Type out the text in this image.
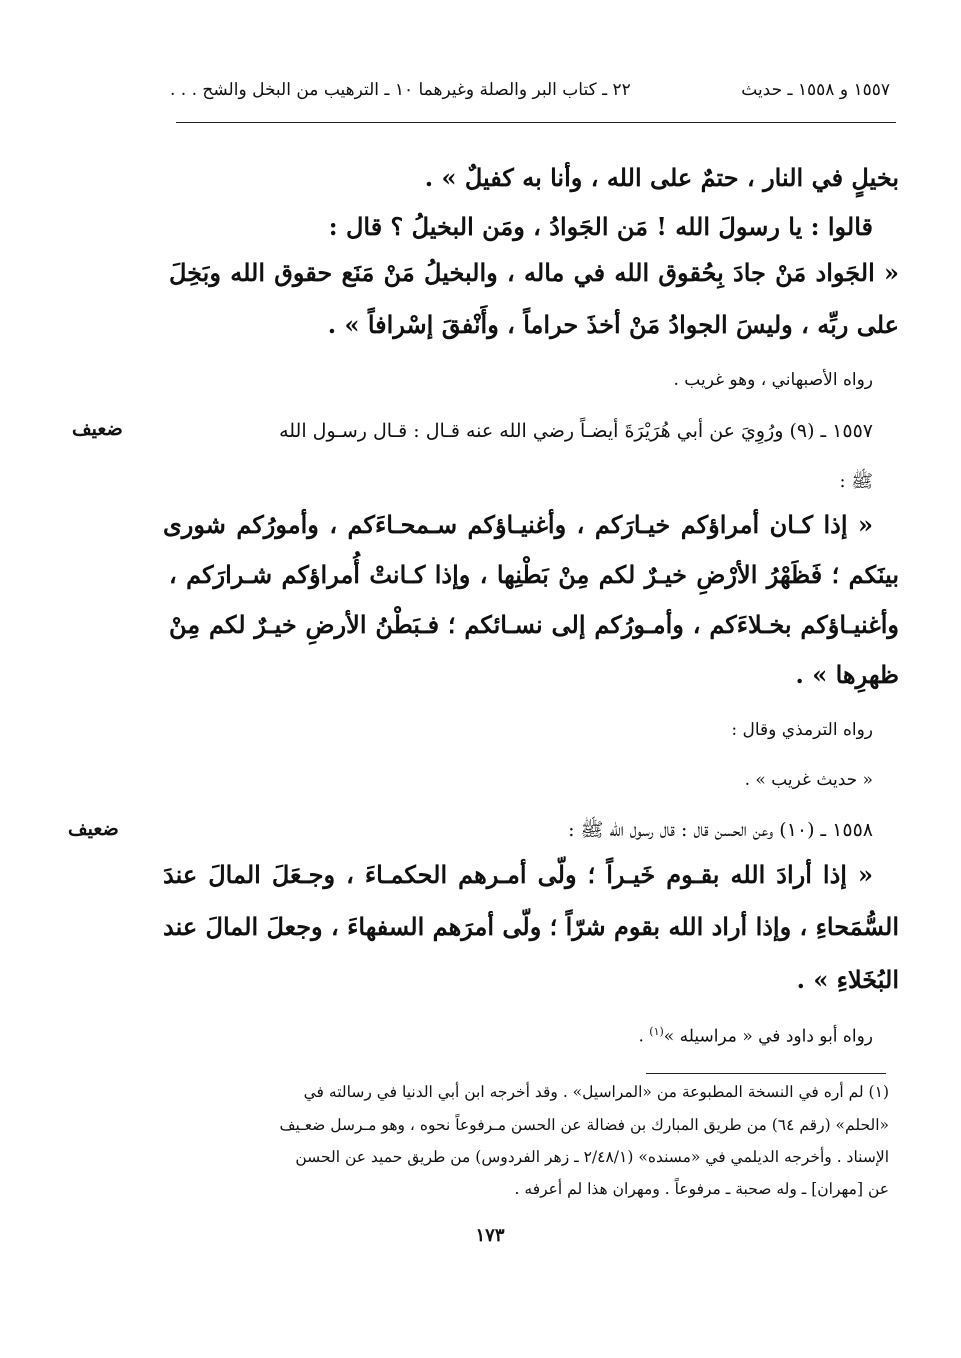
١٥٥٧ و ١٥٥٨ ـ حديث
٢٢ ـ كتاب البر والصلة وغيرهما ١٠ ـ الترهيب من البخل والشح . . .
بخيلٍ في النار ، حتمٌ على الله ، وأنا به كفيلٌ » .
قالوا : يا رسولَ الله ! مَن الجَوادُ ، ومَن البخيلُ ؟ قال :
« الجَواد مَنْ جادَ بِحُقوق الله في ماله ، والبخيلُ مَنْ مَنَع حقوق الله وبَخِلَ
على ربِّه ، وليسَ الجوادُ مَنْ أخذَ حراماً ، وأَنْفقَ إسْرافاً » .
رواه الأصبهاني ، وهو غريب .
ضعيف	١٥٥٧ ـ (٩) ورُوِيَ عن أبي هُرَيْرَةَ أيضـاً رضي الله عنه قـال : قـال رسـول الله
ﷺ :
« إذا كـان أمراؤكم خيـارَكم ، وأغنيـاؤكم سـمحـاءَكم ، وأمورُكم شورى
بينَكم ؛ فَظَهْرُ الأرْضِ خيـرٌ لكم مِنْ بَطْنِها ، وإذا كـانتْ أُمراؤكم شـرارَكم ،
وأغنيـاؤكم بخـلاءَكم ، وأمـورُكم إلى نسـائكم ؛ فـبَطْنُ الأرضِ خيـرٌ لكم مِنْ
ظهرِها » .
رواه الترمذي وقال :
« حديث غريب » .
ضعيف	١٥٥٨ ـ (١٠) وعن الحسن قال : قال رسول الله ﷺ :
« إذا أرادَ الله بقـوم خَيـراً ؛ ولّى أمـرهم الحكمـاءَ ، وجـعَلَ المالَ عندَ
السُّمَحاءِ ، وإذا أراد الله بقوم شرّاً ؛ ولّى أمرَهم السفهاءَ ، وجعلَ المالَ عند
البُخَلاءِ » .
رواه أبو داود في « مراسيله »$^{(١)}$ .
(١) لم أره في النسخة المطبوعة من «المراسيل» . وقد أخرجه ابن أبي الدنيا في رسالته في
«الحلم» (رقم ٦٤) من طريق المبارك بن فضالة عن الحسن مـرفوعاً نحوه ، وهو مـرسل ضعـيف
الإسناد . وأخرجه الديلمي في «مسنده» (٢/٤٨/١ ـ زهر الفردوس) من طريق حميد عن الحسن
عن [مهران] ـ وله صحبة ـ مرفوعاً . ومهران هذا لم أعرفه .
١٧٣
